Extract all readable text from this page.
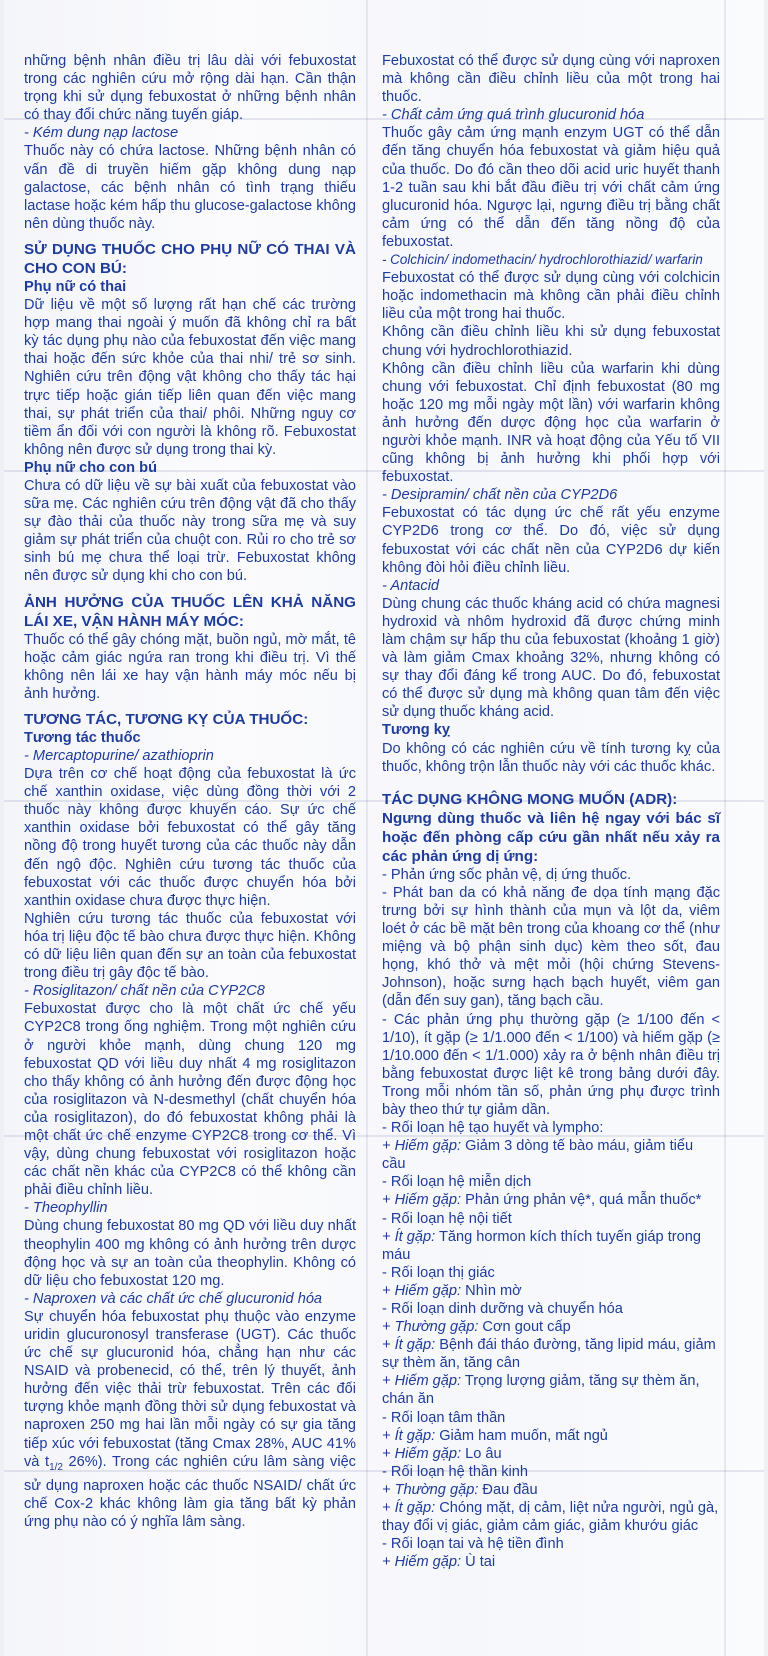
những bệnh nhân điều trị lâu dài với febuxostat trong các nghiên cứu mở rộng dài hạn. Cần thận trọng khi sử dụng febuxostat ở những bệnh nhân có thay đổi chức năng tuyến giáp.

- Kém dung nạp lactose

Thuốc này có chứa lactose. Những bệnh nhân có vấn đề di truyền hiếm gặp không dung nạp galactose, các bệnh nhân có tình trạng thiếu lactase hoặc kém hấp thu glucose-galactose không nên dùng thuốc này.

SỬ DỤNG THUỐC CHO PHỤ NỮ CÓ THAI VÀ CHO CON BÚ:

Phụ nữ có thai

Dữ liệu về một số lượng rất hạn chế các trường hợp mang thai ngoài ý muốn đã không chỉ ra bất kỳ tác dụng phụ nào của febuxostat đến việc mang thai hoặc đến sức khỏe của thai nhi/ trẻ sơ sinh. Nghiên cứu trên động vật không cho thấy tác hại trực tiếp hoặc gián tiếp liên quan đến việc mang thai, sự phát triển của thai/ phôi. Những nguy cơ tiềm ẩn đối với con người là không rõ. Febuxostat không nên được sử dụng trong thai kỳ.

Phụ nữ cho con bú

Chưa có dữ liệu về sự bài xuất của febuxostat vào sữa mẹ. Các nghiên cứu trên động vật đã cho thấy sự đào thải của thuốc này trong sữa mẹ và suy giảm sự phát triển của chuột con. Rủi ro cho trẻ sơ sinh bú mẹ chưa thể loại trừ. Febuxostat không nên được sử dụng khi cho con bú.

ẢNH HƯỞNG CỦA THUỐC LÊN KHẢ NĂNG LÁI XE, VẬN HÀNH MÁY MÓC:

Thuốc có thể gây chóng mặt, buồn ngủ, mờ mắt, tê hoặc cảm giác ngứa ran trong khi điều trị. Vì thế không nên lái xe hay vận hành máy móc nếu bị ảnh hưởng.

TƯƠNG TÁC, TƯƠNG KỴ CỦA THUỐC:

Tương tác thuốc

- Mercaptopurine/ azathioprin

Dựa trên cơ chế hoạt động của febuxostat là ức chế xanthin oxidase, việc dùng đồng thời với 2 thuốc này không được khuyến cáo. Sự ức chế xanthin oxidase bởi febuxostat có thể gây tăng nồng độ trong huyết tương của các thuốc này dẫn đến ngộ độc. Nghiên cứu tương tác thuốc của febuxostat với các thuốc được chuyển hóa bởi xanthin oxidase chưa được thực hiện.

Nghiên cứu tương tác thuốc của febuxostat với hóa trị liệu độc tế bào chưa được thực hiện. Không có dữ liệu liên quan đến sự an toàn của febuxostat trong điều trị gây độc tế bào.

- Rosiglitazon/ chất nền của CYP2C8

Febuxostat được cho là một chất ức chế yếu CYP2C8 trong ống nghiệm. Trong một nghiên cứu ở người khỏe mạnh, dùng chung 120 mg febuxostat QD với liều duy nhất 4 mg rosiglitazon cho thấy không có ảnh hưởng đến được động học của rosiglitazon và N-desmethyl (chất chuyển hóa của rosiglitazon), do đó febuxostat không phải là một chất ức chế enzyme CYP2C8 trong cơ thể. Vì vậy, dùng chung febuxostat với rosiglitazon hoặc các chất nền khác của CYP2C8 có thể không cần phải điều chỉnh liều.

- Theophyllin

Dùng chung febuxostat 80 mg QD với liều duy nhất theophylin 400 mg không có ảnh hưởng trên dược động học và sự an toàn của theophylin. Không có dữ liệu cho febuxostat 120 mg.

- Naproxen và các chất ức chế glucuronid hóa

Sự chuyển hóa febuxostat phụ thuộc vào enzyme uridin glucuronosyl transferase (UGT). Các thuốc ức chế sự glucuronid hóa, chẳng hạn như các NSAID và probenecid, có thể, trên lý thuyết, ảnh hưởng đến việc thải trừ febuxostat. Trên các đối tượng khỏe mạnh đồng thời sử dụng febuxostat và naproxen 250 mg hai lần mỗi ngày có sự gia tăng tiếp xúc với febuxostat (tăng Cmax 28%, AUC 41% và $t_{1/2}$ 26%). Trong các nghiên cứu lâm sàng việc sử dụng naproxen hoặc các thuốc NSAID/ chất ức chế Cox-2 khác không làm gia tăng bất kỳ phản ứng phụ nào có ý nghĩa lâm sàng.

Febuxostat có thể được sử dụng cùng với naproxen mà không cần điều chỉnh liều của một trong hai thuốc.

- Chất cảm ứng quá trình glucuronid hóa

Thuốc gây cảm ứng mạnh enzym UGT có thể dẫn đến tăng chuyển hóa febuxostat và giảm hiệu quả của thuốc. Do đó cần theo dõi acid uric huyết thanh 1-2 tuần sau khi bắt đầu điều trị với chất cảm ứng glucuronid hóa. Ngược lại, ngưng điều trị bằng chất cảm ứng có thể dẫn đến tăng nồng độ của febuxostat.

- Colchicin/ indomethacin/ hydrochlorothiazid/ warfarin

Febuxostat có thể được sử dụng cùng với colchicin hoặc indomethacin mà không cần phải điều chỉnh liều của một trong hai thuốc.

Không cần điều chỉnh liều khi sử dụng febuxostat chung với hydrochlorothiazid.

Không cần điều chỉnh liều của warfarin khi dùng chung với febuxostat. Chỉ định febuxostat (80 mg hoặc 120 mg mỗi ngày một lần) với warfarin không ảnh hưởng đến dược động học của warfarin ở người khỏe mạnh. INR và hoạt động của Yếu tố VII cũng không bị ảnh hưởng khi phối hợp với febuxostat.

- Desipramin/ chất nền của CYP2D6

Febuxostat có tác dụng ức chế rất yếu enzyme CYP2D6 trong cơ thể. Do đó, việc sử dụng febuxostat với các chất nền của CYP2D6 dự kiến không đòi hỏi điều chỉnh liều.

- Antacid

Dùng chung các thuốc kháng acid có chứa magnesi hydroxid và nhôm hydroxid đã được chứng minh làm chậm sự hấp thu của febuxostat (khoảng 1 giờ) và làm giảm Cmax khoảng 32%, nhưng không có sự thay đổi đáng kể trong AUC. Do đó, febuxostat có thể được sử dụng mà không quan tâm đến việc sử dụng thuốc kháng acid.

Tương kỵ

Do không có các nghiên cứu về tính tương kỵ của thuốc, không trộn lẫn thuốc này với các thuốc khác.

TÁC DỤNG KHÔNG MONG MUỐN (ADR):

Ngưng dùng thuốc và liên hệ ngay với bác sĩ hoặc đến phòng cấp cứu gần nhất nếu xảy ra các phản ứng dị ứng:

- Phản ứng sốc phản vệ, dị ứng thuốc.

- Phát ban da có khả năng đe dọa tính mạng đặc trưng bởi sự hình thành của mụn và lột da, viêm loét ở các bề mặt bên trong của khoang cơ thể (như miệng và bộ phận sinh dục) kèm theo sốt, đau họng, khó thở và mệt mỏi (hội chứng Stevens-Johnson), hoặc sưng hạch bạch huyết, viêm gan (dẫn đến suy gan), tăng bạch cầu.

- Các phản ứng phụ thường gặp (≥ 1/100 đến < 1/10), ít gặp (≥ 1/1.000 đến < 1/100) và hiếm gặp (≥ 1/10.000 đến < 1/1.000) xảy ra ở bệnh nhân điều trị bằng febuxostat được liệt kê trong bảng dưới đây. Trong mỗi nhóm tần số, phản ứng phụ được trình bày theo thứ tự giảm dần.

- Rối loạn hệ tạo huyết và lympho:

+ Hiếm gặp: Giảm 3 dòng tế bào máu, giảm tiểu cầu

- Rối loạn hệ miễn dịch

+ Hiếm gặp: Phản ứng phản vệ*, quá mẫn thuốc*

- Rối loạn hệ nội tiết

+ Ít gặp: Tăng hormon kích thích tuyến giáp trong máu

- Rối loạn thị giác

+ Hiếm gặp: Nhìn mờ

- Rối loạn dinh dưỡng và chuyển hóa

+ Thường gặp: Cơn gout cấp

+ Ít gặp: Bệnh đái tháo đường, tăng lipid máu, giảm sự thèm ăn, tăng cân

+ Hiếm gặp: Trọng lượng giảm, tăng sự thèm ăn, chán ăn

- Rối loạn tâm thần

+ Ít gặp: Giảm ham muốn, mất ngủ

+ Hiếm gặp: Lo âu

- Rối loạn hệ thần kinh

+ Thường gặp: Đau đầu

+ Ít gặp: Chóng mặt, dị cảm, liệt nửa người, ngủ gà, thay đổi vị giác, giảm cảm giác, giảm khướu giác

- Rối loạn tai và hệ tiền đình

+ Hiếm gặp: Ù tai
